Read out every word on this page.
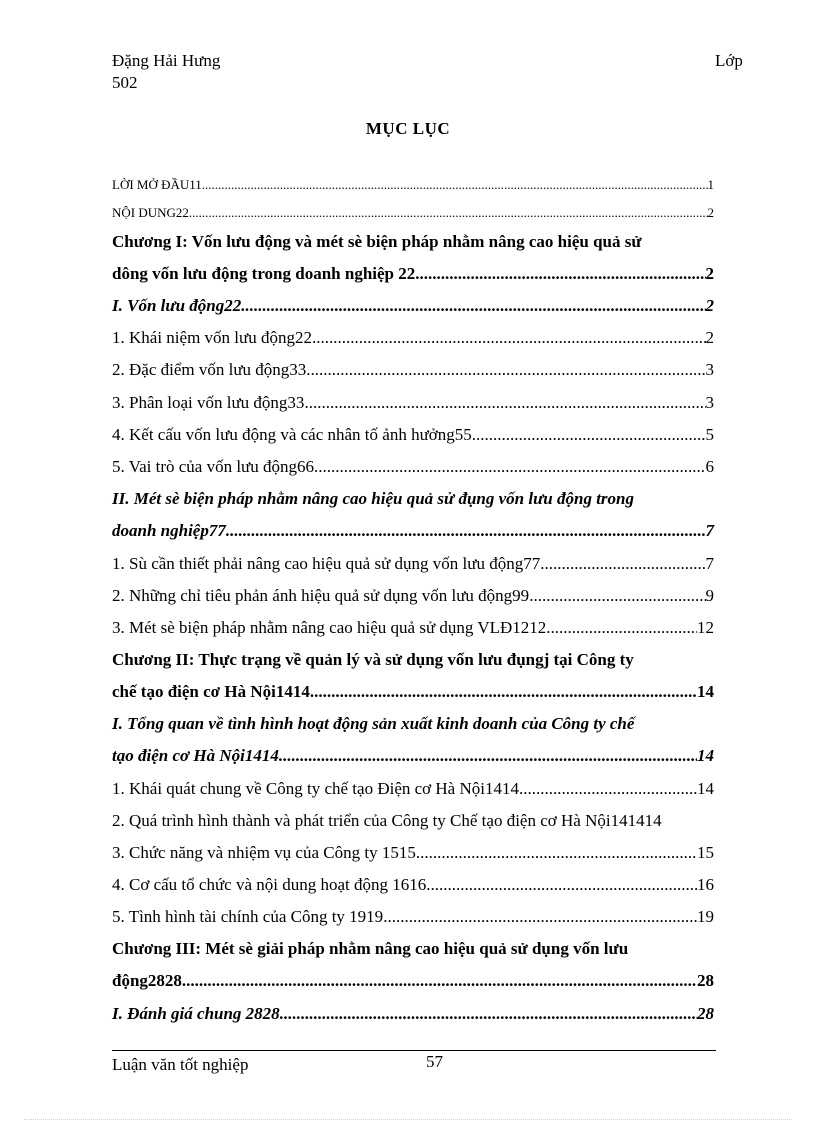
Đặng Hải Hưng	Lớp
502
MỤC LỤC
LỜI MỞ ĐẦU11 .....	1
NỘI DUNG22 .....	2
Chương I: Vốn lưu động và mét sè biện pháp nhằm nâng cao hiệu quả sử
dông vốn lưu động trong doanh nghiệp 22 .....	2
I. Vốn lưu động22 .....	2
1. Khái niệm vốn lưu động22 .....	2
2. Đặc điểm vốn lưu động33 .....	3
3. Phân loại vốn lưu động33 .....	3
4. Kết cấu vốn lưu động và các nhân tố ảnh hưởng55 .....	5
5. Vai trò của vốn lưu động66 .....	6
II. Mét sè biện pháp nhằm nâng cao hiệu quả sử đụng vốn lưu động trong
doanh nghiệp77 .....	7
1. Sù cần thiết phải nâng cao hiệu quả sử dụng vốn lưu động77 .....	7
2. Những chỉ tiêu phản ánh hiệu quả sử dụng vốn lưu động99 .....	9
3. Mét sè biện pháp nhằm nâng cao hiệu quả sử dụng VLĐ1212 .....	12
Chương II: Thực trạng về quản lý và sử dụng vốn lưu đụngj tại Công ty
chế tạo điện cơ Hà Nội1414 .....	14
I. Tổng quan về tình hình hoạt động sản xuất kinh doanh của Công ty chế
tạo điện cơ Hà Nội1414 .....	14
1. Khái quát chung về Công ty chế tạo Điện cơ Hà Nội1414 .....	14
2. Quá trình hình thành và phát triển của Công ty Chế tạo điện cơ Hà Nội141414
3. Chức năng và nhiệm vụ của Công ty 1515 .....	15
4. Cơ cấu tổ chức và nội dung hoạt động 1616 .....	16
5. Tình hình tài chính của Công ty 1919 .....	19
Chương III: Mét sè giải pháp nhằm nâng cao hiệu quả sử dụng vốn lưu
động2828 .....	28
I. Đánh giá chung 2828 .....	28
Luận văn tốt nghiệp	57
